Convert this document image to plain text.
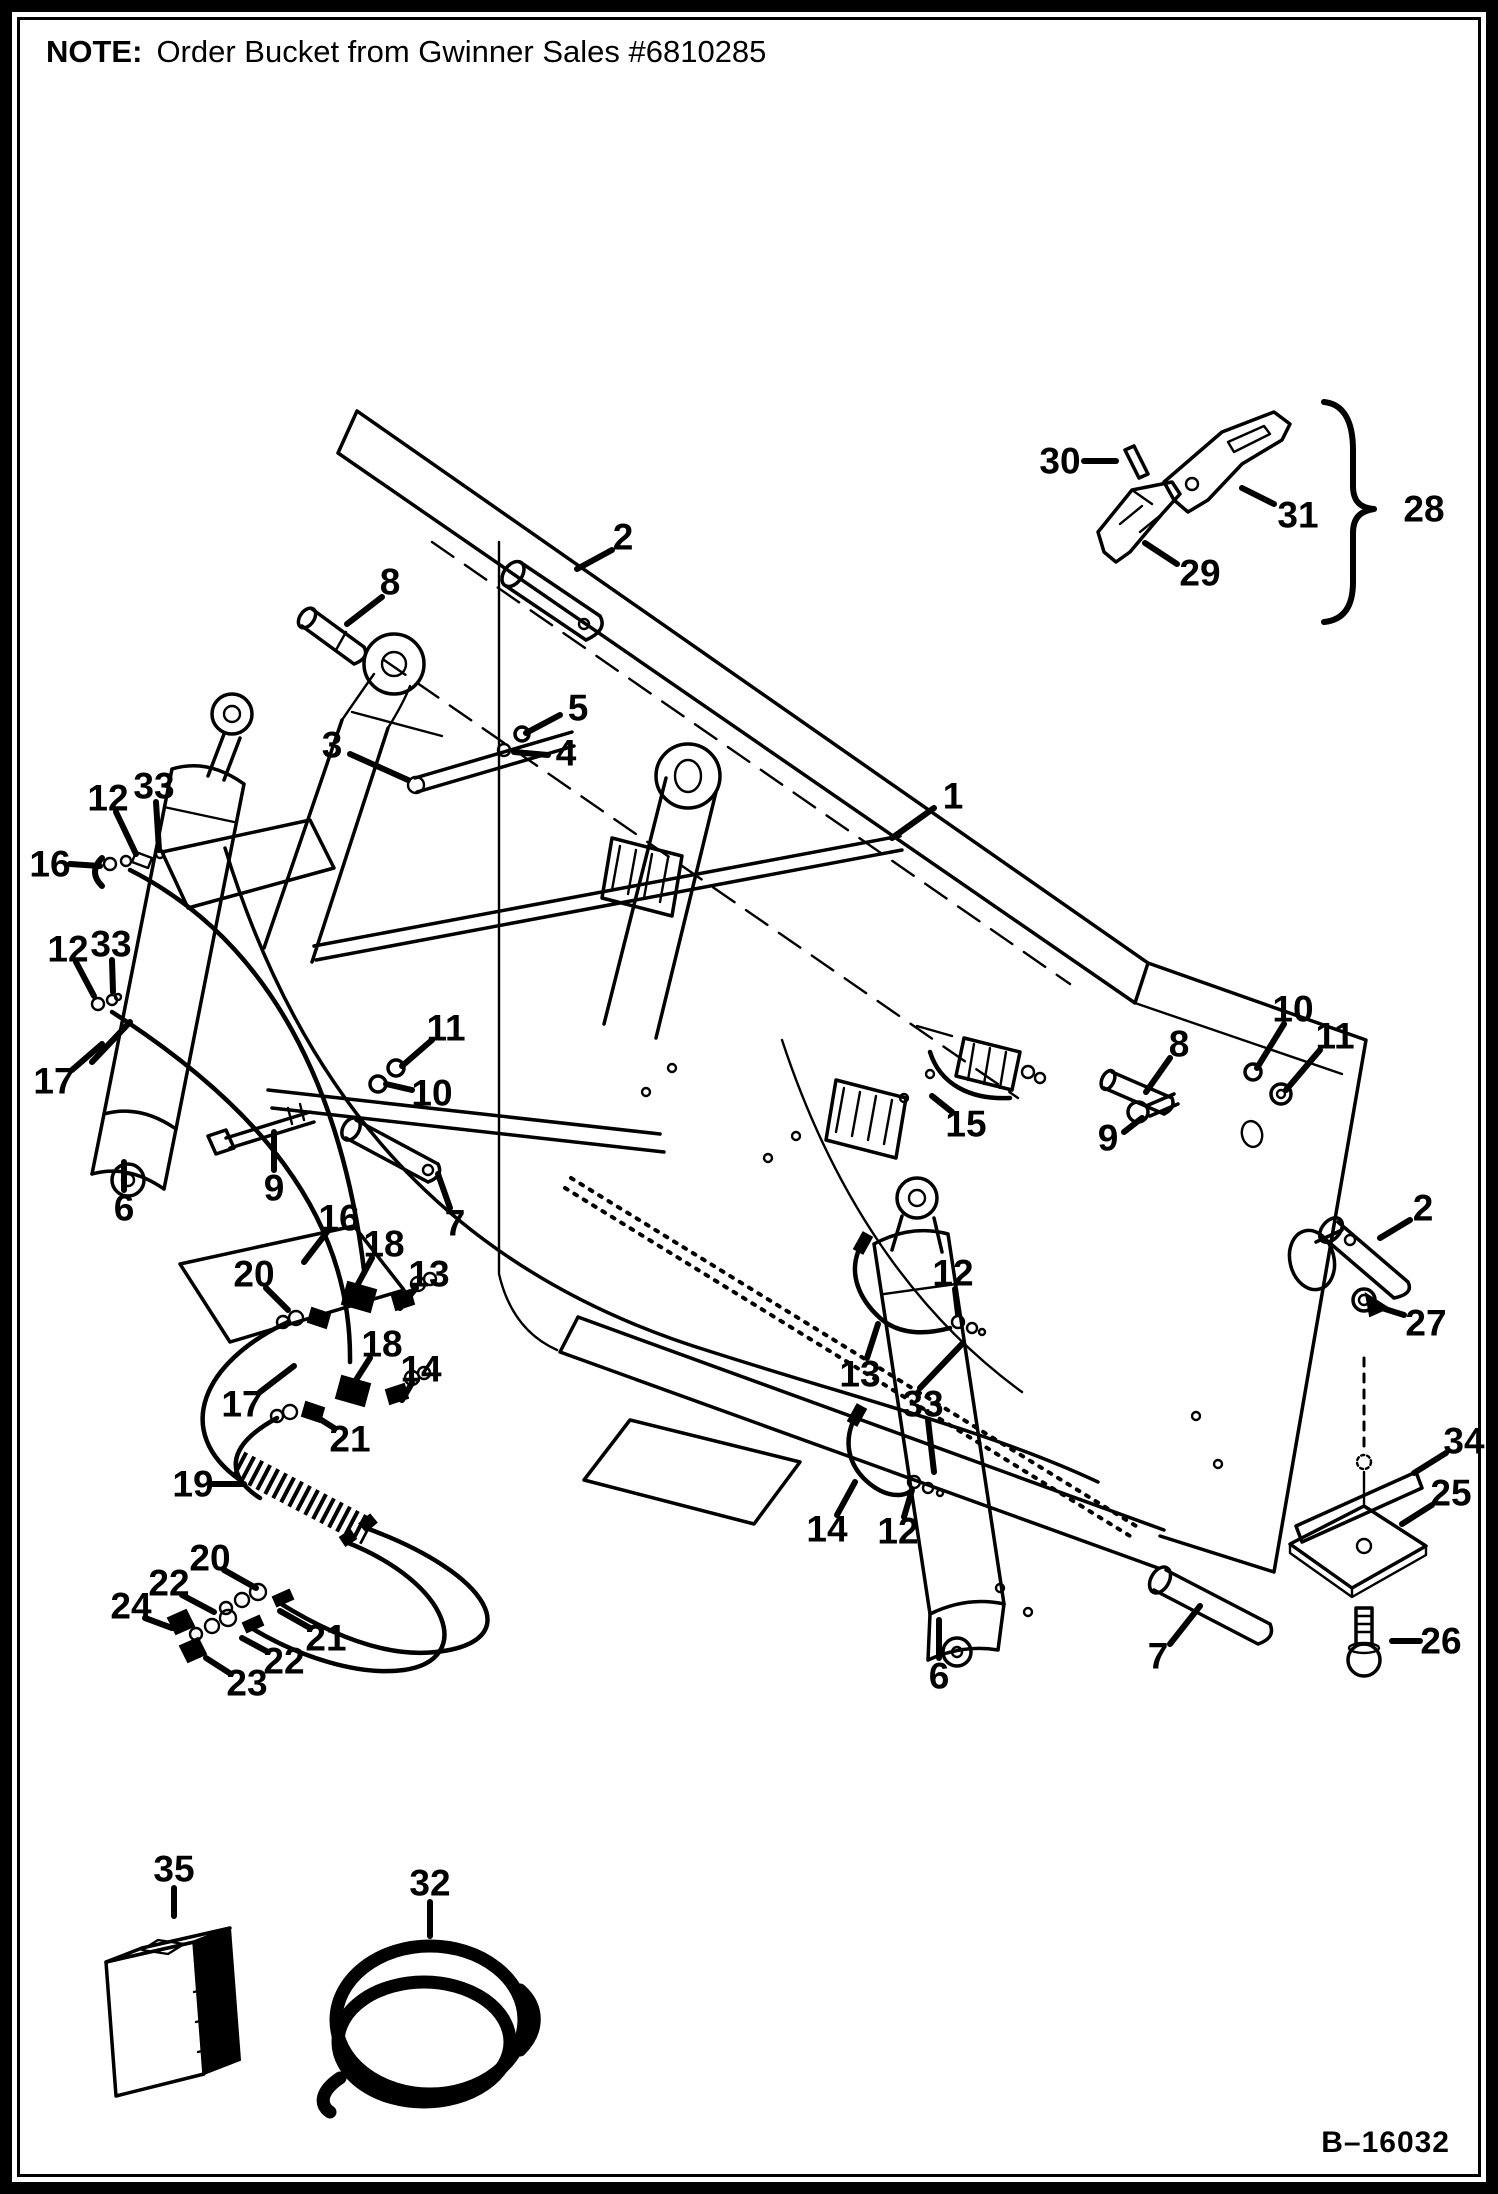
NOTE: Order Bucket from Gwinner Sales #6810285
30
31
29
28
8
2
3
5
4
1
12 33
16
12 33
17
6	9
11
10
7
16
18
20	13
18
14
17
21
19
20
22
24
21
22
23
15
12
13
33
14 12
6	7
8
9
10
11
2
27
34
25
26
35	32
B–16032
